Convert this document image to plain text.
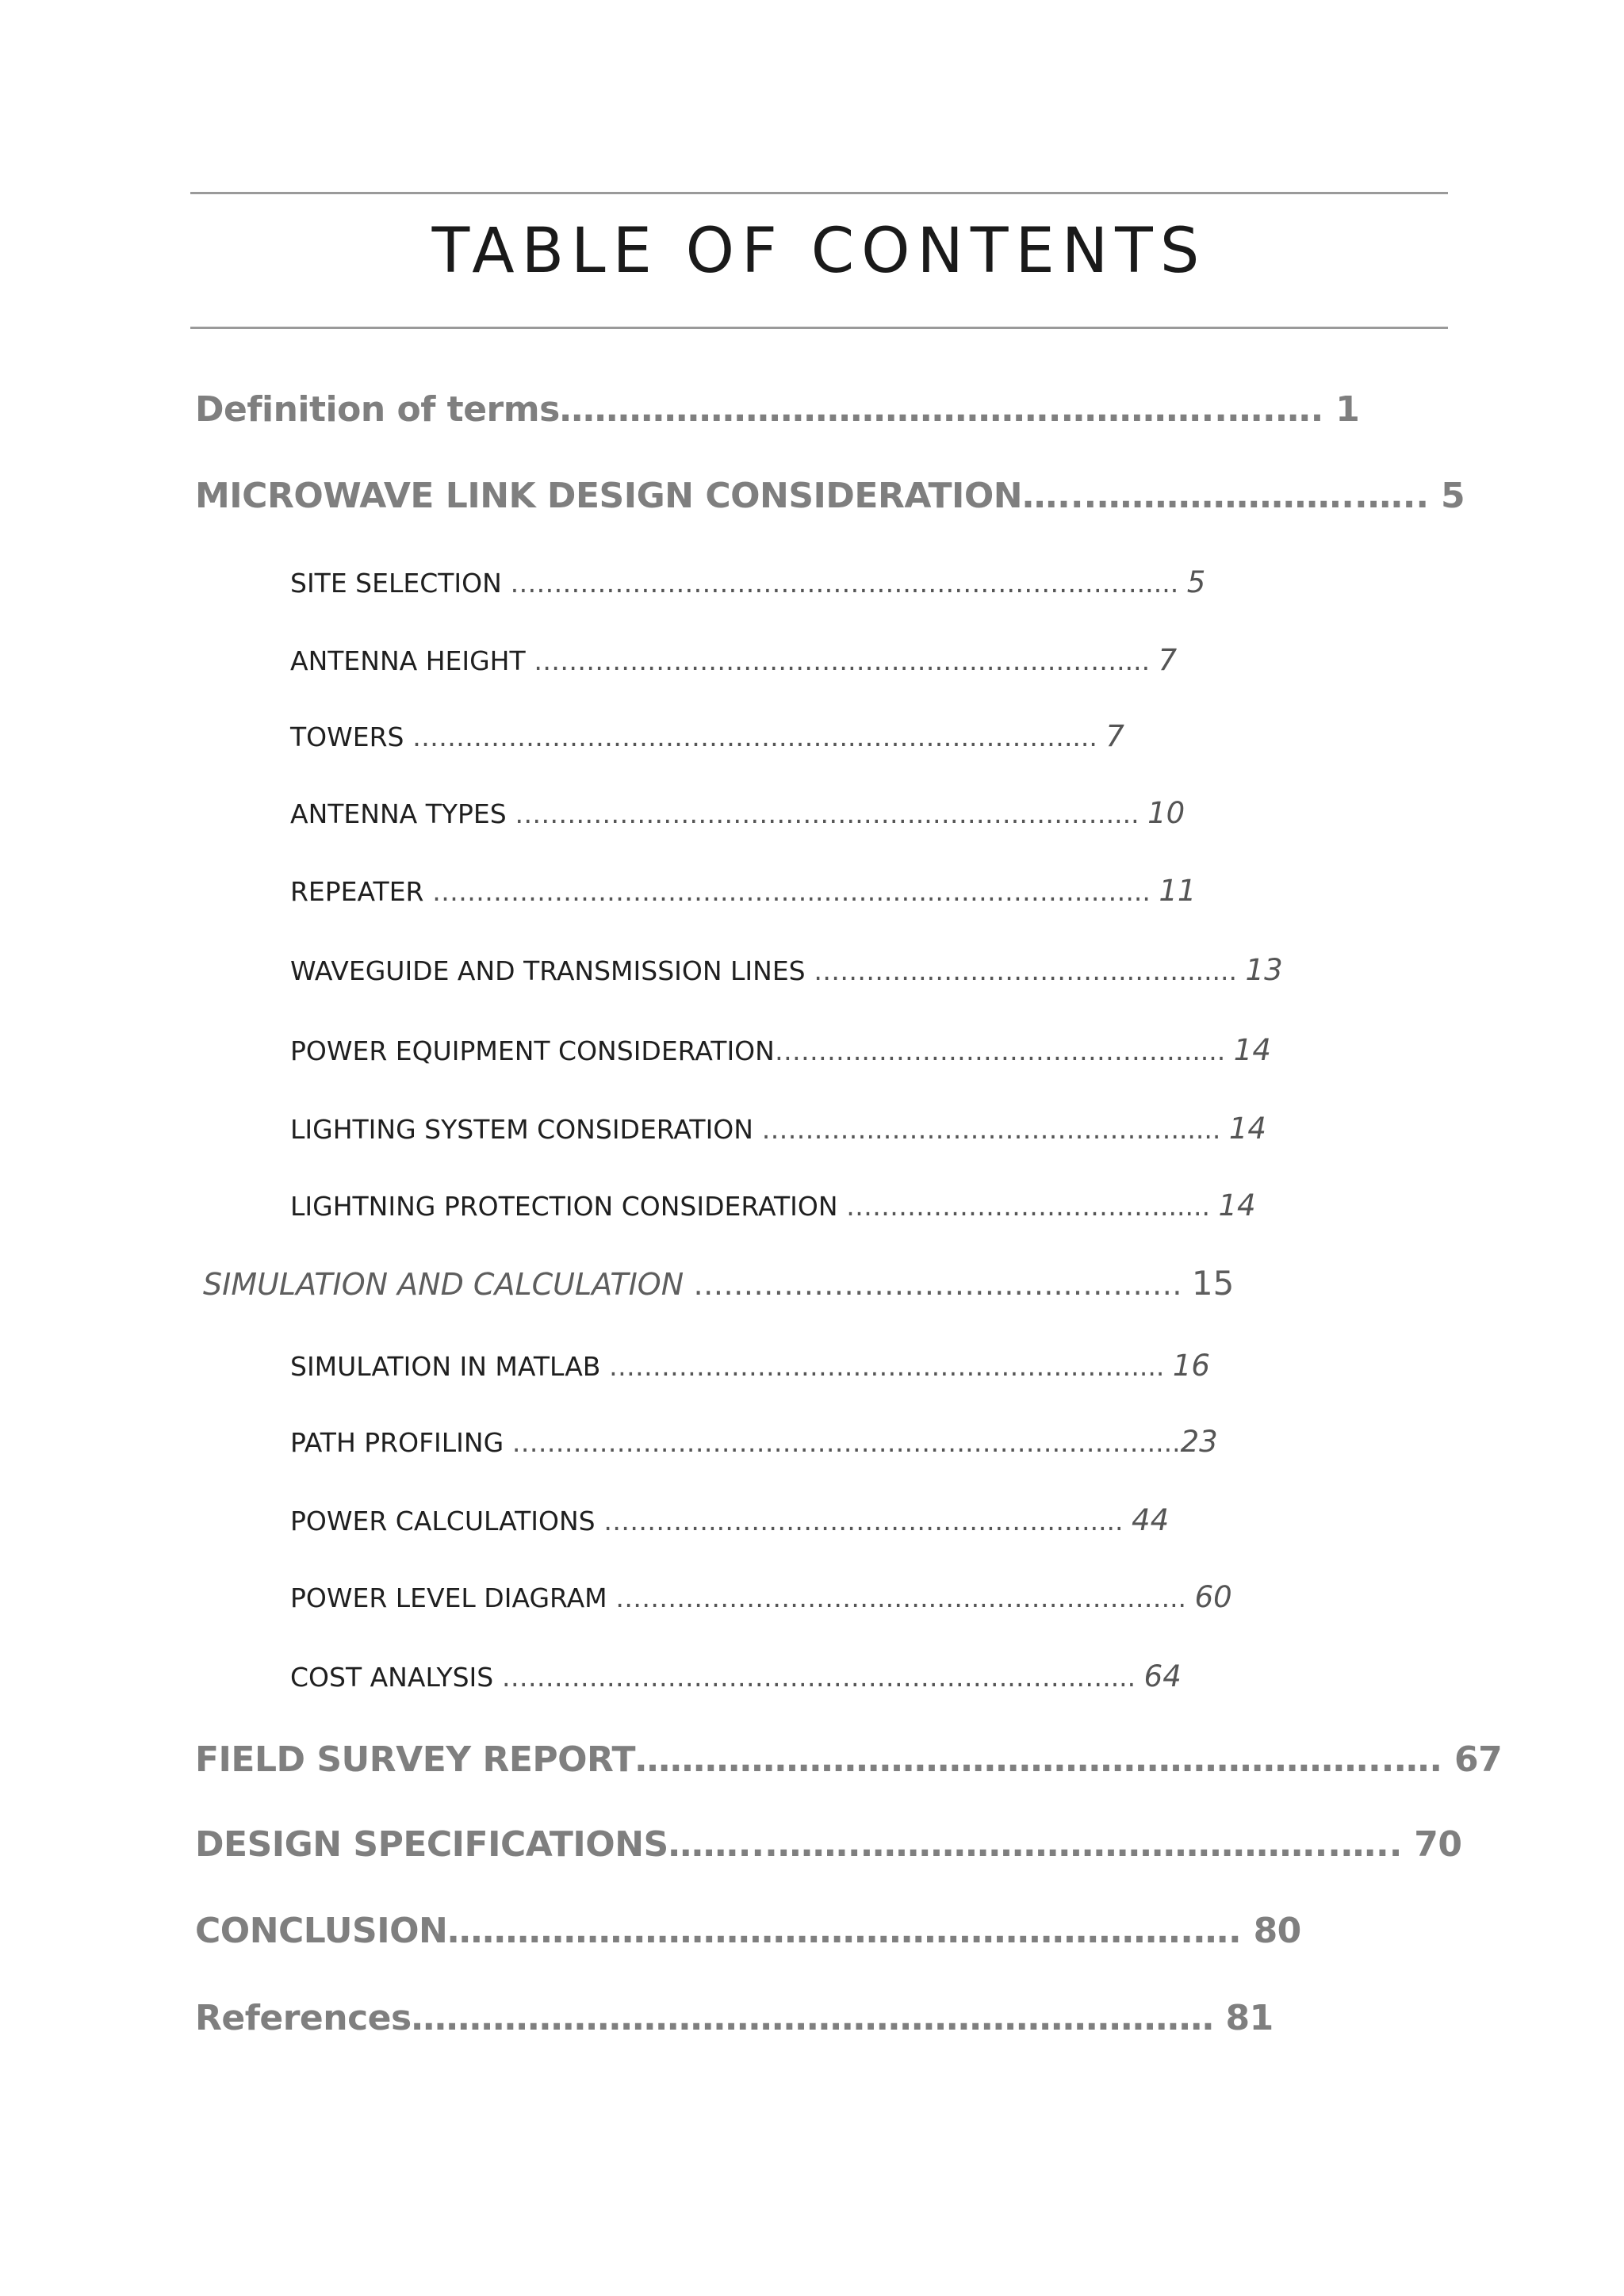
TABLE OF CONTENTS
Definition of terms…………………………………….…………..….…. 1
MICROWAVE LINK DESIGN CONSIDERATION…...…………………..….. 5
SITE SELECTION ………………………………………..……………….……..... 5
ANTENNA HEIGHT ……………………………….……….….……….…….... 7
TOWERS …………………………………….……..…………..…….….... 7
ANTENNA TYPES ………………………………….……..……….…….….... 10
REPEATER …………………………….………..……..…...……………...…... 11
WAVEGUIDE AND TRANSMISSION LINES …………..…………………..……...... 13
POWER EQUIPMENT CONSIDERATION………..………………………………..... 14
LIGHTING SYSTEM CONSIDERATION …………..……………………………...... 14
LIGHTNING PROTECTION CONSIDERATION ………………………………...... 14
SIMULATION AND CALCULATION …………………………..…...……..… 15
SIMULATION IN MATLAB ……………………….……………………..…….... 16
PATH PROFILING ……………………………………….…….………..………....23
POWER CALCULATIONS …………..…………………………..………..... 44
POWER LEVEL DIAGRAM …………………………..…..…...……………..…... 60
COST ANALYSIS …………………………………………………..…….….... 64
FIELD SURVEY REPORT………………………………………………………..…. 67
DESIGN SPECIFICATIONS……...…….…………………………………..….. 70
CONCLUSION……………………………………………………….…. 80
References…………………………………………………………… 81
